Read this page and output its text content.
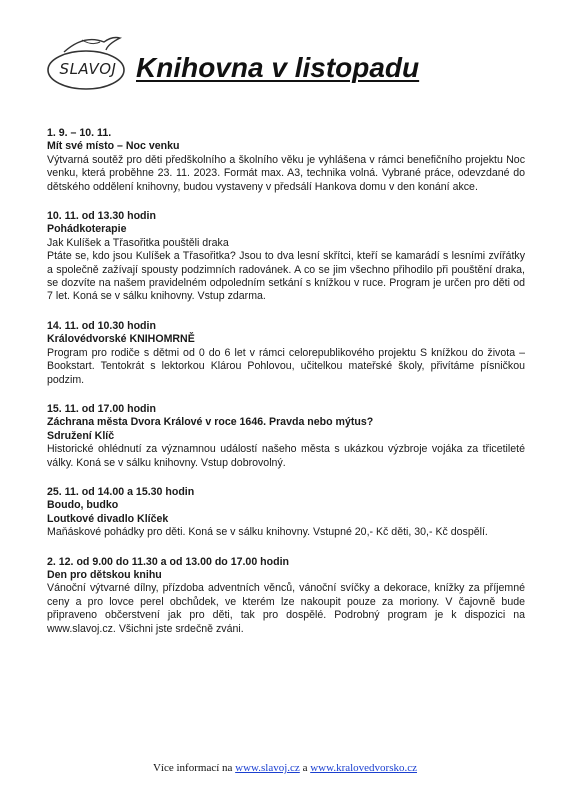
SLAVOJ Knihovna v listopadu
1. 9. – 10. 11.
Mít své místo – Noc venku
Výtvarná soutěž pro děti předškolního a školního věku je vyhlášena v rámci benefičního projektu Noc venku, která proběhne 23. 11. 2023. Formát max. A3, technika volná. Vybrané práce, odevzdané do dětského oddělení knihovny, budou vystaveny v předsálí Hankova domu v den konání akce.
10. 11. od 13.30 hodin
Pohádkoterapie
Jak Kulíšek a Třasořitka pouštěli draka
Ptáte se, kdo jsou Kulíšek a Třasořitka? Jsou to dva lesní skřítci, kteří se kamarádí s lesními zvířátky a společně zažívají spousty podzimních radovánek. A co se jim všechno přihodilo při pouštění draka, se dozvíte na našem pravidelném odpoledním setkání s knížkou v ruce. Program je určen pro děti od 7 let. Koná se v sálku knihovny. Vstup zdarma.
14. 11. od 10.30 hodin
Královédvorské KNIHOMRNĚ
Program pro rodiče s dětmi od 0 do 6 let v rámci celorepublikového projektu S knížkou do života – Bookstart. Tentokrát s lektorkou Klárou Pohlovou, učitelkou mateřské školy, přivítáme písničkou podzim.
15. 11. od 17.00 hodin
Záchrana města Dvora Králové v roce 1646. Pravda nebo mýtus?
Sdružení Klíč
Historické ohlédnutí za významnou událostí našeho města s ukázkou výzbroje vojáka za třicetileté války. Koná se v sálku knihovny. Vstup dobrovolný.
25. 11. od 14.00 a 15.30 hodin
Boudo, budko
Loutkové divadlo Klíček
Maňáskové pohádky pro děti. Koná se v sálku knihovny. Vstupné 20,- Kč děti, 30,- Kč dospělí.
2. 12. od 9.00 do 11.30 a od 13.00 do 17.00 hodin
Den pro dětskou knihu
Vánoční výtvarné dílny, přízdoba adventních věnců, vánoční svíčky a dekorace, knížky za příjemné ceny a pro lovce perel obchůdek, ve kterém lze nakoupit pouze za moriony. V čajovně bude připraveno občerstvení jak pro děti, tak pro dospělé. Podrobný program je k dispozici na www.slavoj.cz. Všichni jste srdečně zváni.
Více informací na www.slavoj.cz a www.kralovedvorsko.cz
